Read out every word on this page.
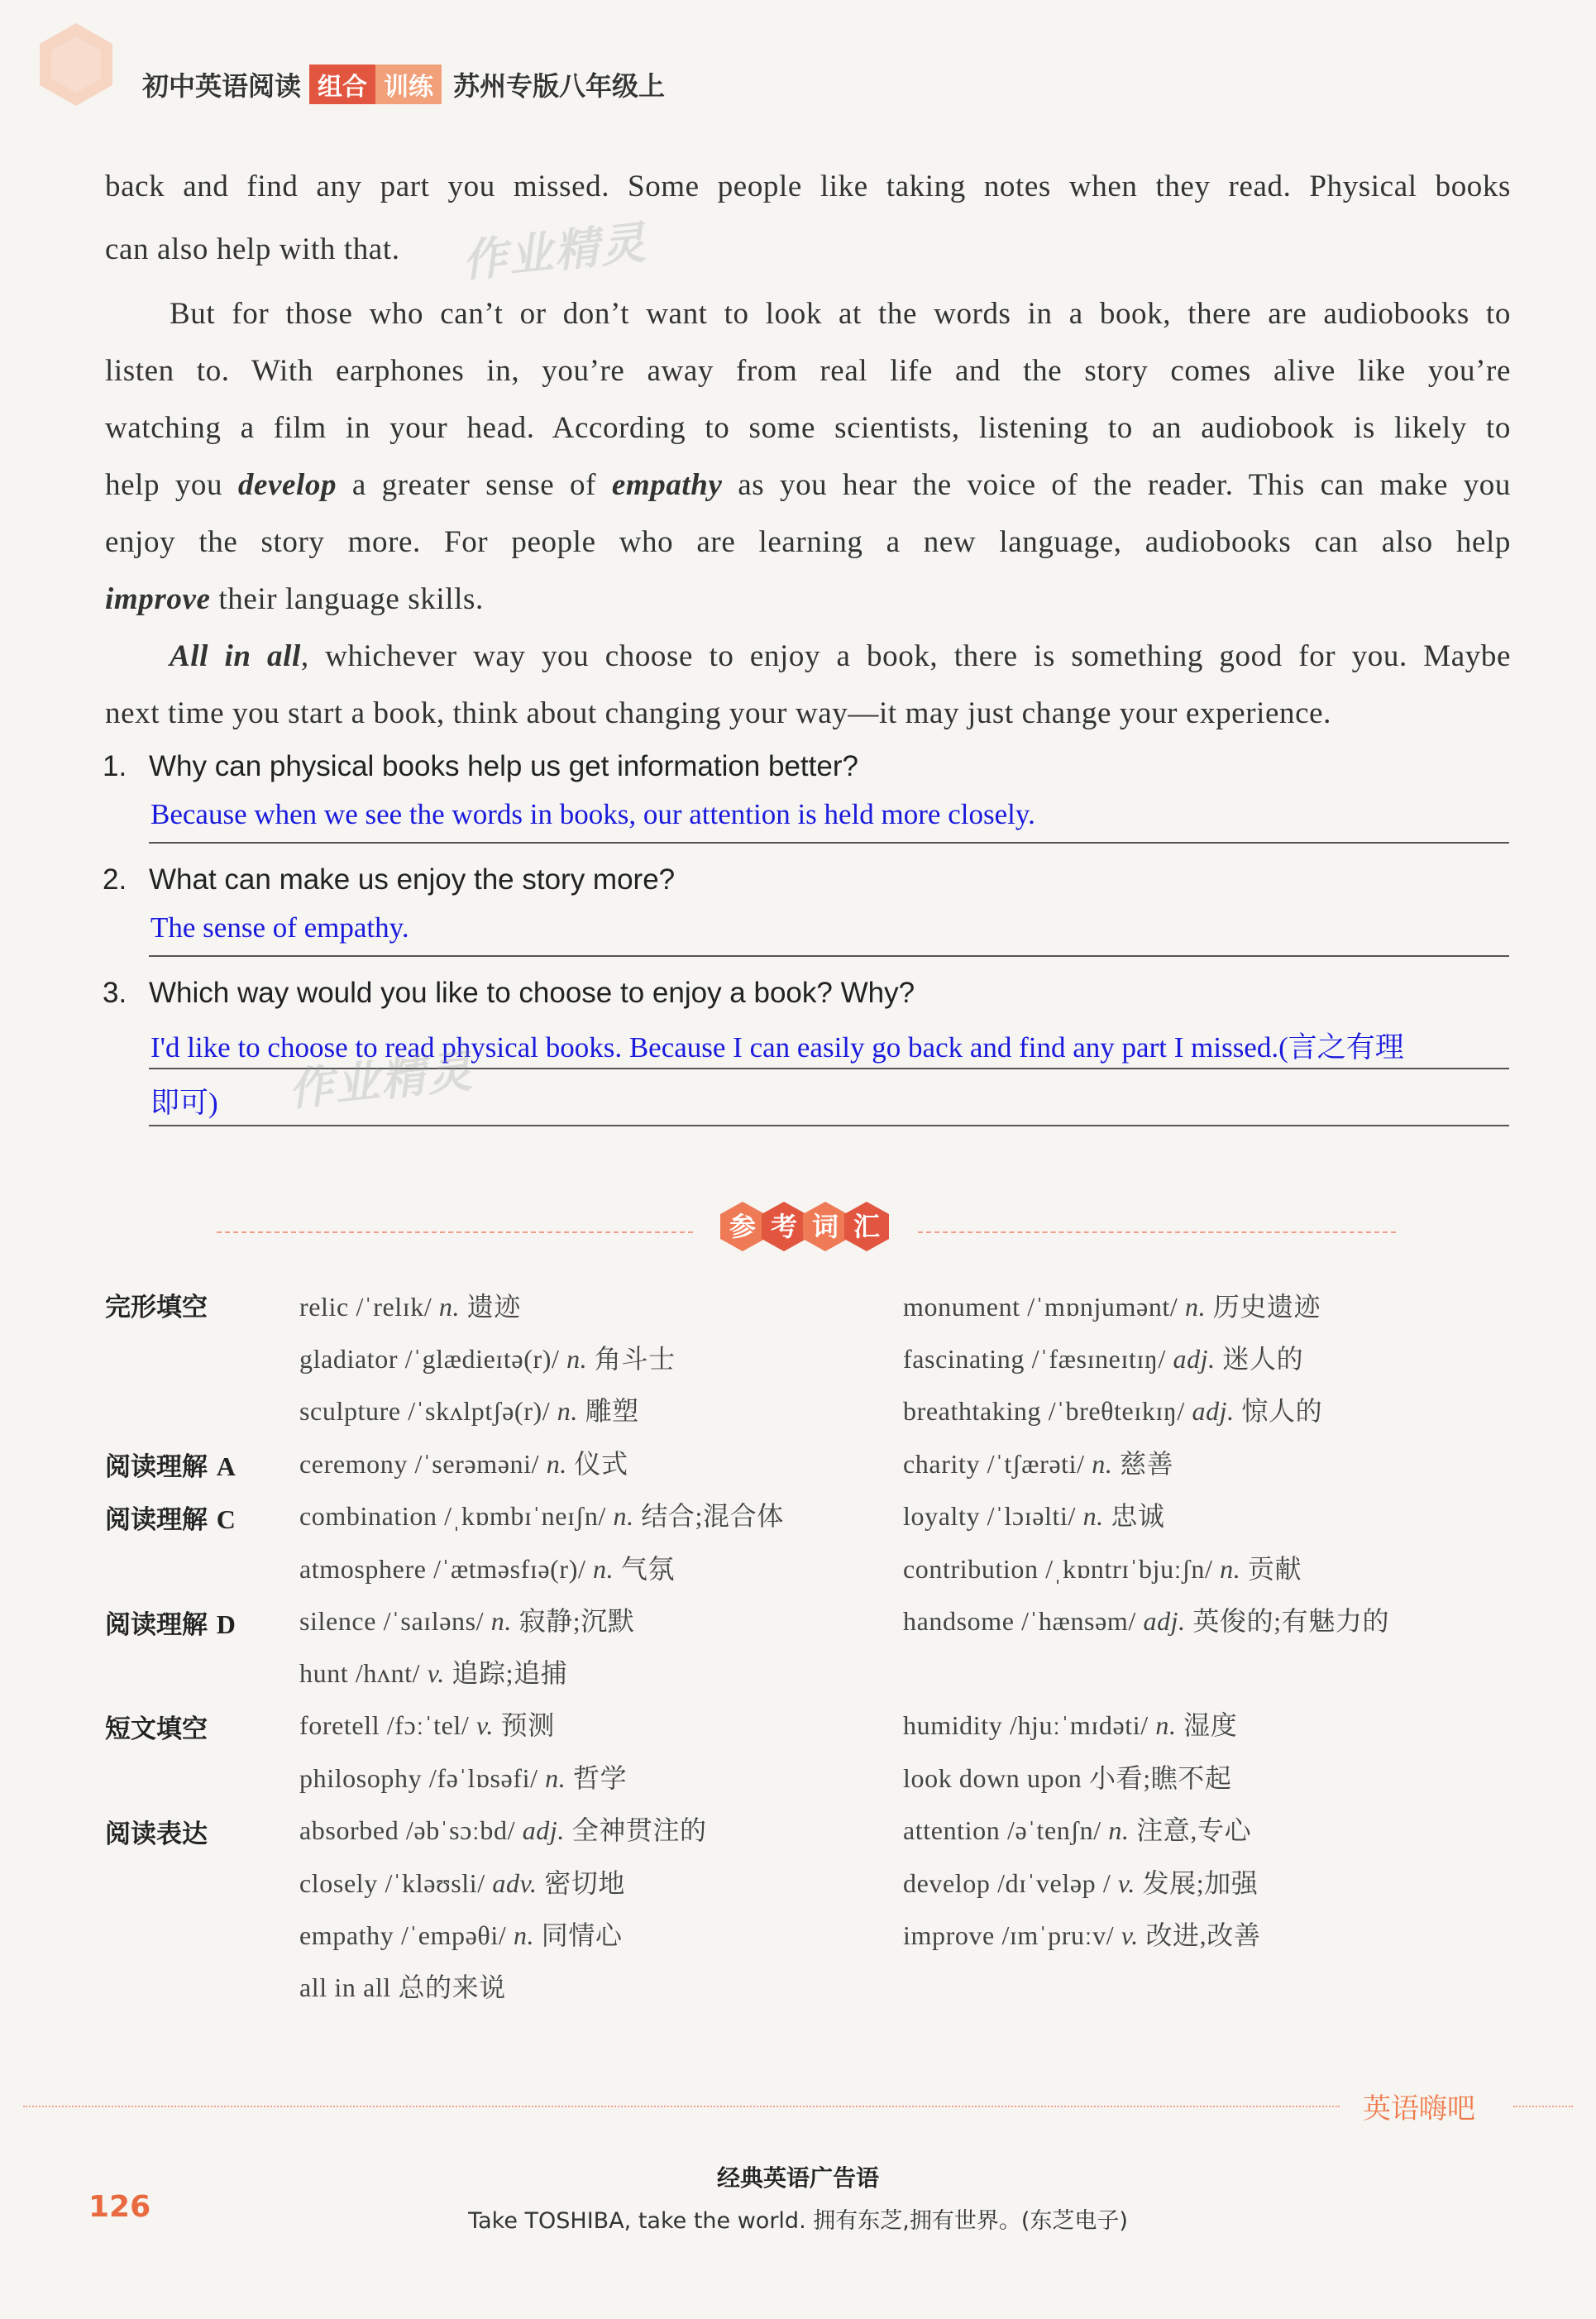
初中英语阅读 组合 训练 苏州专版八年级上
back and find any part you missed. Some people like taking notes when they read. Physical books
can also help with that.	作业精灵
But for those who can’t or don’t want to look at the words in a book, there are audiobooks to
listen to. With earphones in, you’re away from real life and the story comes alive like you’re
watching a film in your head. According to some scientists, listening to an audiobook is likely to
help you develop a greater sense of empathy as you hear the voice of the reader. This can make you
enjoy the story more. For people who are learning a new language, audiobooks can also help
improve their language skills.
All in all, whichever way you choose to enjoy a book, there is something good for you. Maybe
next time you start a book, think about changing your way—it may just change your experience.
1. Why can physical books help us get information better?
Because when we see the words in books, our attention is held more closely.
2. What can make us enjoy the story more?
The sense of empathy.
3. Which way would you like to choose to enjoy a book? Why?
I'd like to choose to read physical books. Because I can easily go back and find any part I missed.(言之有理
即可) 作业精灵
参 考 词 汇
完形填空
阅读理解 A
阅读理解 C
阅读理解 D
短文填空
阅读表达
relic /ˈrelɪk/ n. 遗迹
gladiator /ˈglædieɪtə(r)/ n. 角斗士
sculpture /ˈskʌlptʃə(r)/ n. 雕塑
ceremony /ˈserəməni/ n. 仪式
combination /ˌkɒmbɪˈneɪʃn/ n. 结合;混合体
atmosphere /ˈætməsfɪə(r)/ n. 气氛
silence /ˈsaɪləns/ n. 寂静;沉默
hunt /hʌnt/ v. 追踪;追捕
foretell /fɔːˈtel/ v. 预测
philosophy /fəˈlɒsəfi/ n. 哲学
absorbed /əbˈsɔːbd/ adj. 全神贯注的
closely /ˈkləʊsli/ adv. 密切地
empathy /ˈempəθi/ n. 同情心
all in all 总的来说
monument /ˈmɒnjumənt/ n. 历史遗迹
fascinating /ˈfæsɪneɪtɪŋ/ adj. 迷人的
breathtaking /ˈbreθteɪkɪŋ/ adj. 惊人的
charity /ˈtʃærəti/ n. 慈善
loyalty /ˈlɔɪəlti/ n. 忠诚
contribution /ˌkɒntrɪˈbjuːʃn/ n. 贡献
handsome /ˈhænsəm/ adj. 英俊的;有魅力的
humidity /hjuːˈmɪdəti/ n. 湿度
look down upon 小看;瞧不起
attention /əˈtenʃn/ n. 注意,专心
develop /dɪˈveləp / v. 发展;加强
improve /ɪmˈpruːv/ v. 改进,改善
英语嗨吧
126
经典英语广告语
Take TOSHIBA, take the world. 拥有东芝,拥有世界。(东芝电子)
